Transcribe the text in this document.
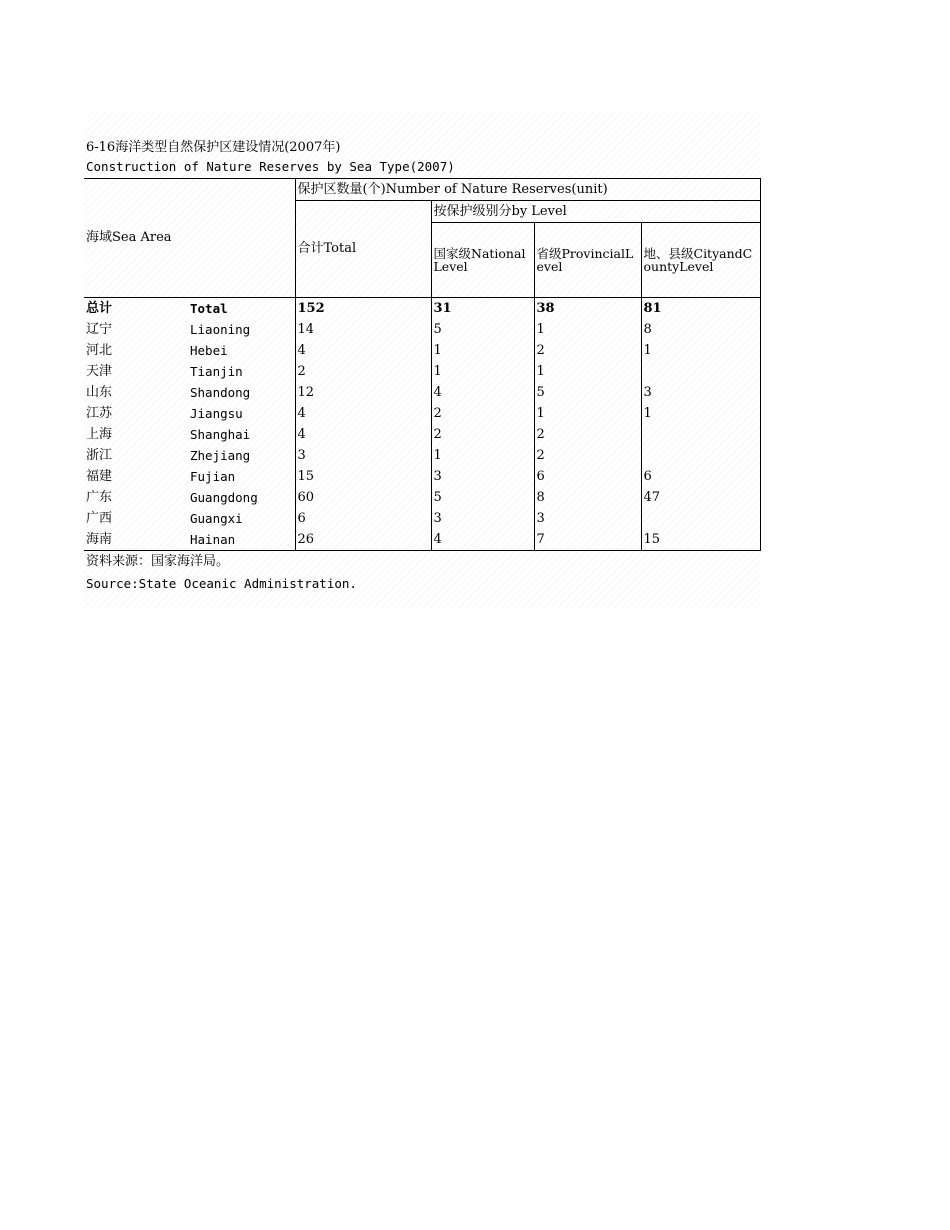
6-16海洋类型自然保护区建设情况(2007年)
Construction of Nature Reserves by Sea Type(2007)
海域Sea Area		保护区数量(个)Number of Nature Reserves(unit)			
		合计Total	按保护级别分by Level		
			国家级NationalLevel	省级ProvincialLevel	地、县级CityandCountyLevel
总计	Total	152	31	38	81
辽宁	Liaoning	14	5	1	8
河北	Hebei	4	1	2	1
天津	Tianjin	2	1	1	
山东	Shandong	12	4	5	3
江苏	Jiangsu	4	2	1	1
上海	Shanghai	4	2	2	
浙江	Zhejiang	3	1	2	
福建	Fujian	15	3	6	6
广东	Guangdong	60	5	8	47
广西	Guangxi	6	3	3	
海南	Hainan	26	4	7	15
资料来源：国家海洋局。					
Source:State Oceanic Administration.					
